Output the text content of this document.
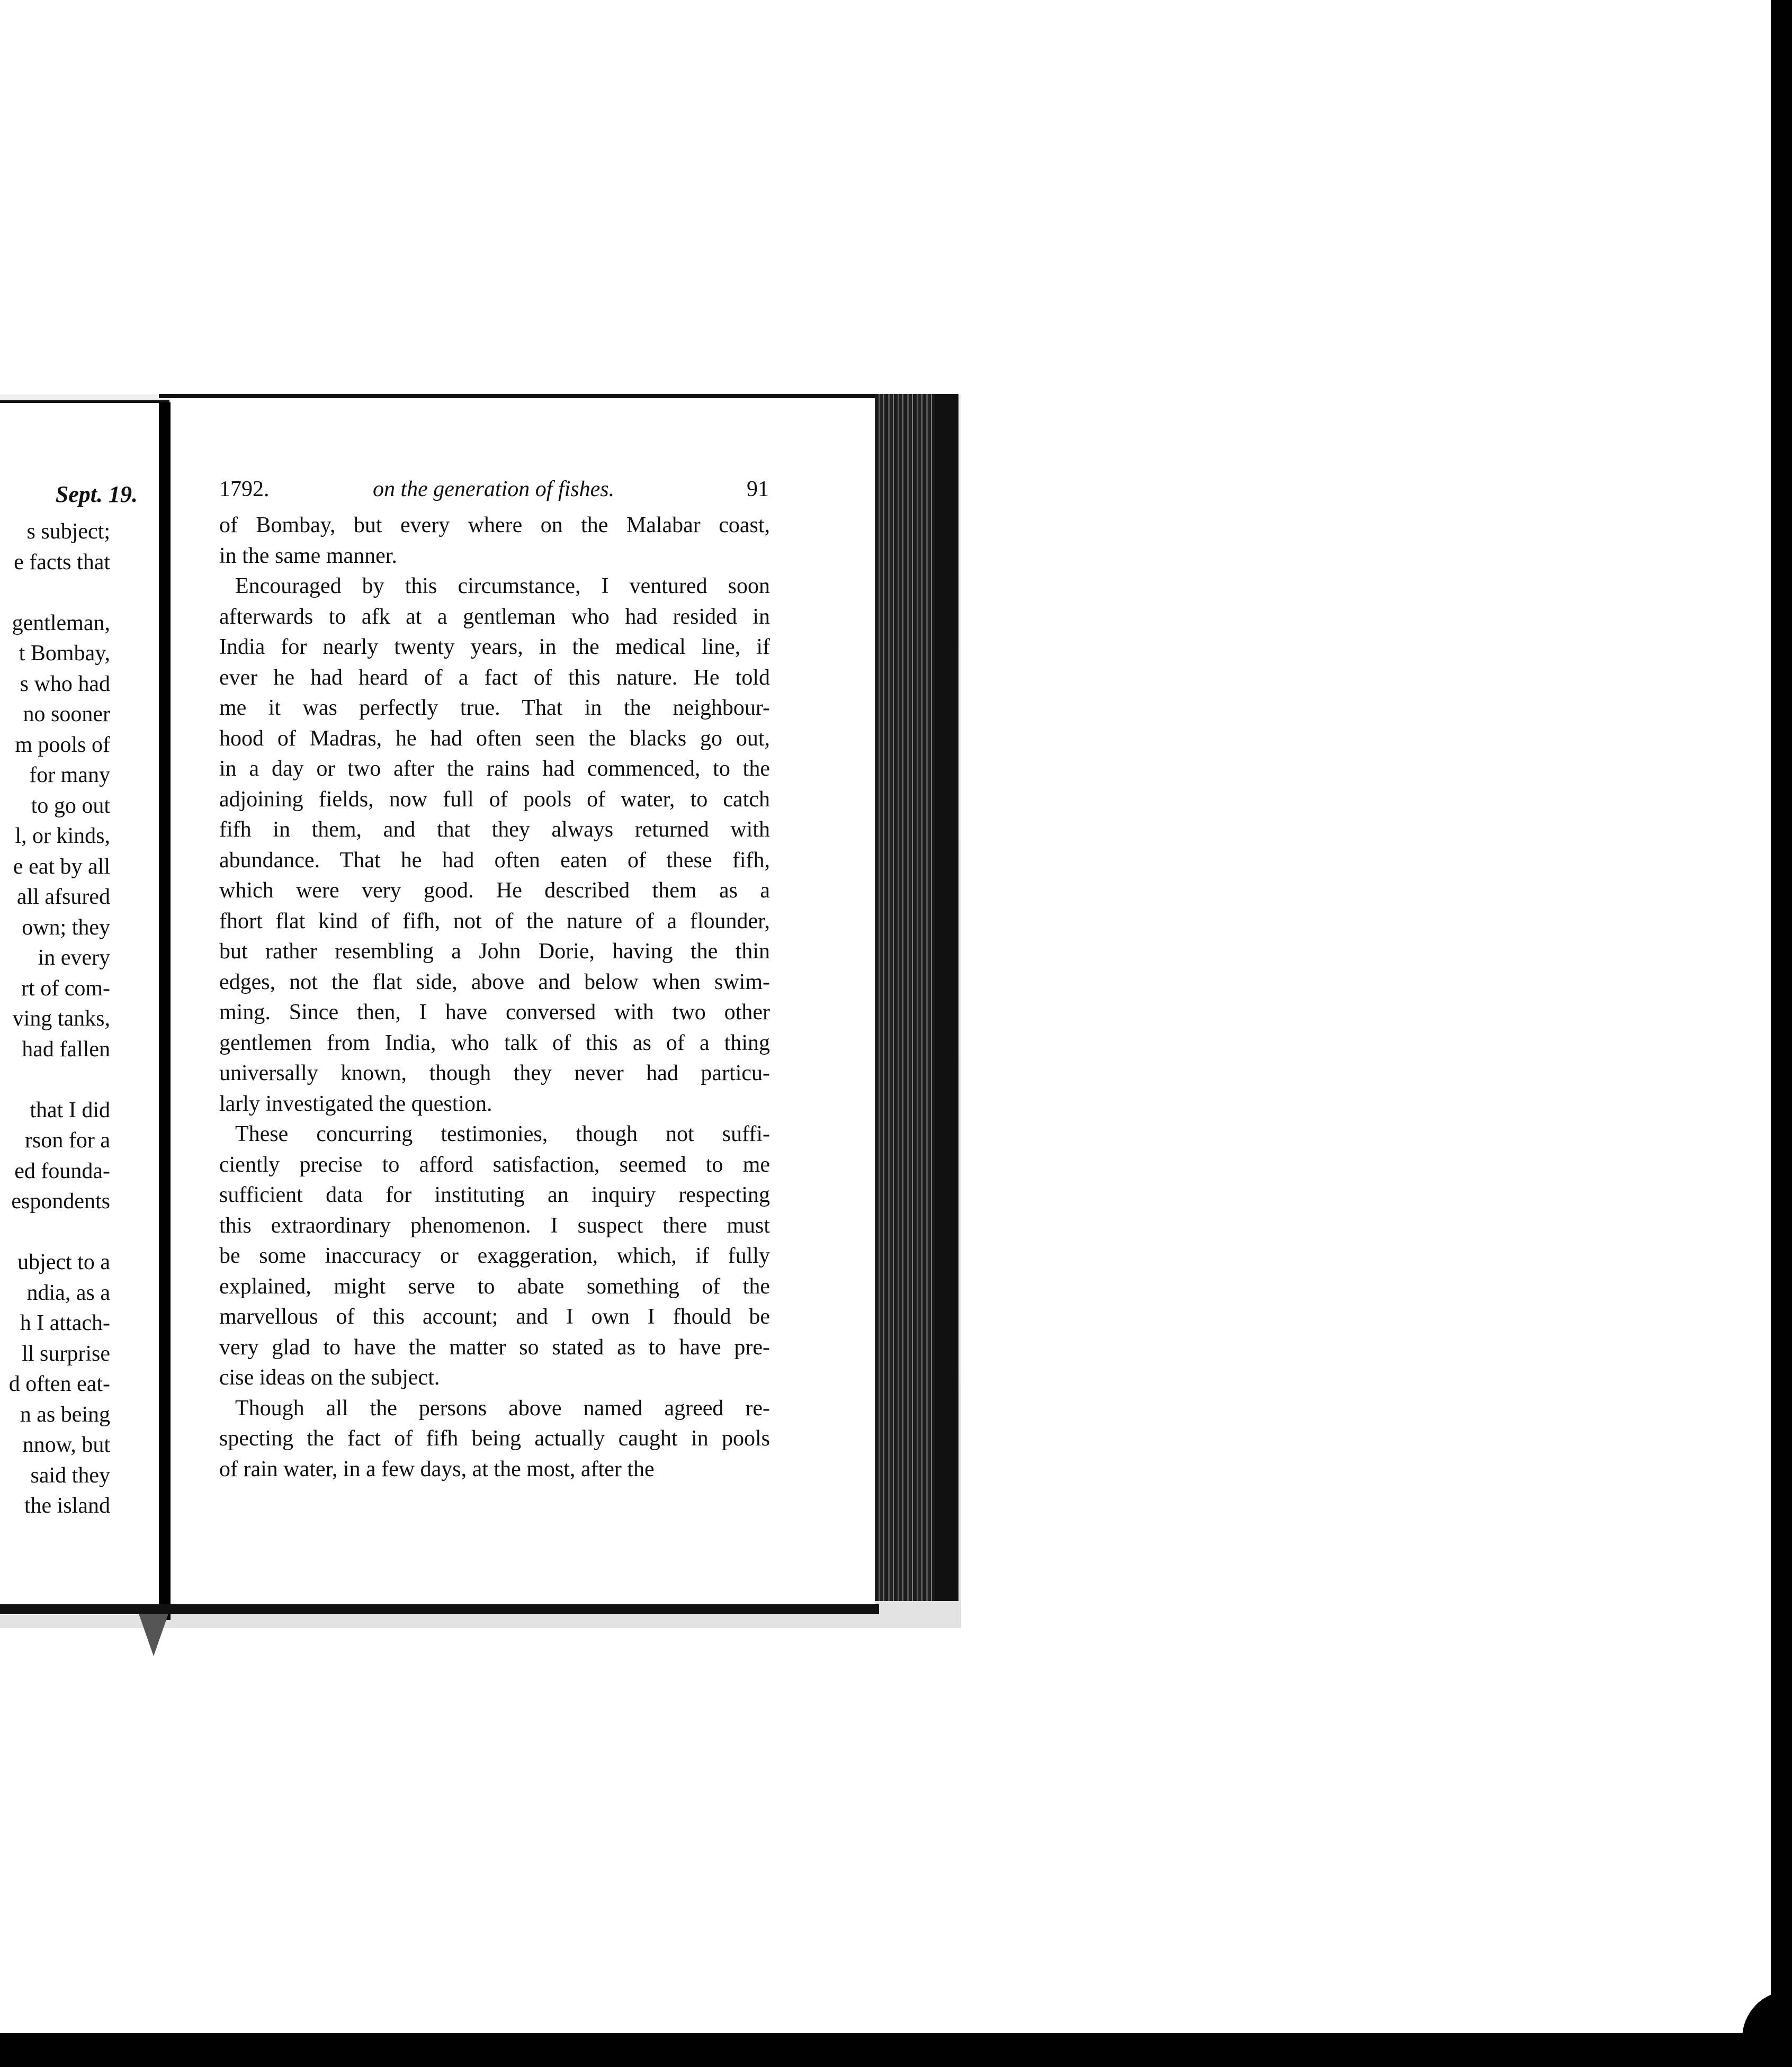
Sept. 19.

s subject;

e facts that

gentleman,

t Bombay,

s who had

no sooner

m pools of

for many

to go out

l, or kinds,

e eat by all

all afsured

own; they

in every

rt of com-

ving tanks,

had fallen

that I did

rson for a

ed founda-

espondents

ubject to a

ndia, as a

h I attach-

ll surprise

d often eat-

n as being

nnow, but

said they

the island

1792.	on the generation of fishes.	91

of Bombay, but every where on the Malabar coast,

in the same manner.

Encouraged by this circumstance, I ventured soon

afterwards to afk at a gentleman who had resided in

India for nearly twenty years, in the medical line, if

ever he had heard of a fact of this nature. He told

me it was perfectly true. That in the neighbour-

hood of Madras, he had often seen the blacks go out,

in a day or two after the rains had commenced, to the

adjoining fields, now full of pools of water, to catch

fifh in them, and that they always returned with

abundance. That he had often eaten of these fifh,

which were very good. He described them as a

fhort flat kind of fifh, not of the nature of a flounder,

but rather resembling a John Dorie, having the thin

edges, not the flat side, above and below when swim-

ming. Since then, I have conversed with two other

gentlemen from India, who talk of this as of a thing

universally known, though they never had particu-

larly investigated the question.

These concurring testimonies, though not suffi-

ciently precise to afford satisfaction, seemed to me

sufficient data for instituting an inquiry respecting

this extraordinary phenomenon. I suspect there must

be some inaccuracy or exaggeration, which, if fully

explained, might serve to abate something of the

marvellous of this account; and I own I fhould be

very glad to have the matter so stated as to have pre-

cise ideas on the subject.

Though all the persons above named agreed re-

specting the fact of fifh being actually caught in pools

of rain water, in a few days, at the most, after the
